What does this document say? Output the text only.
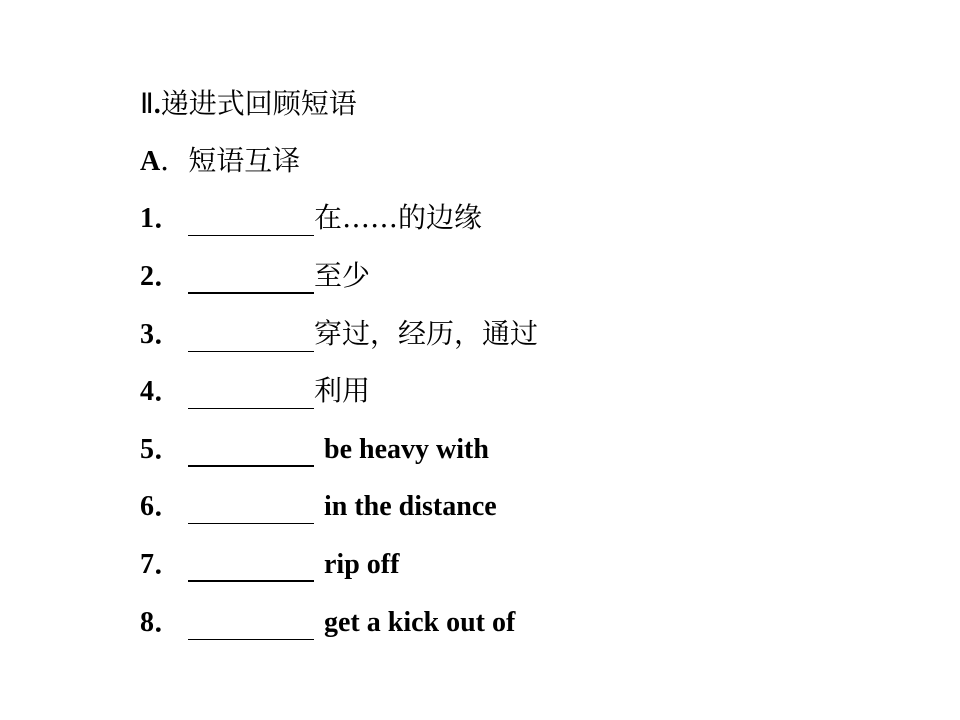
Ⅱ.递进式回顾短语
A．短语互译
1．	在……的边缘
2．	至少
3．	穿过，经历，通过
4．	利用
5．	be heavy with
6．	in the distance
7．	rip off
8．	get a kick out of
